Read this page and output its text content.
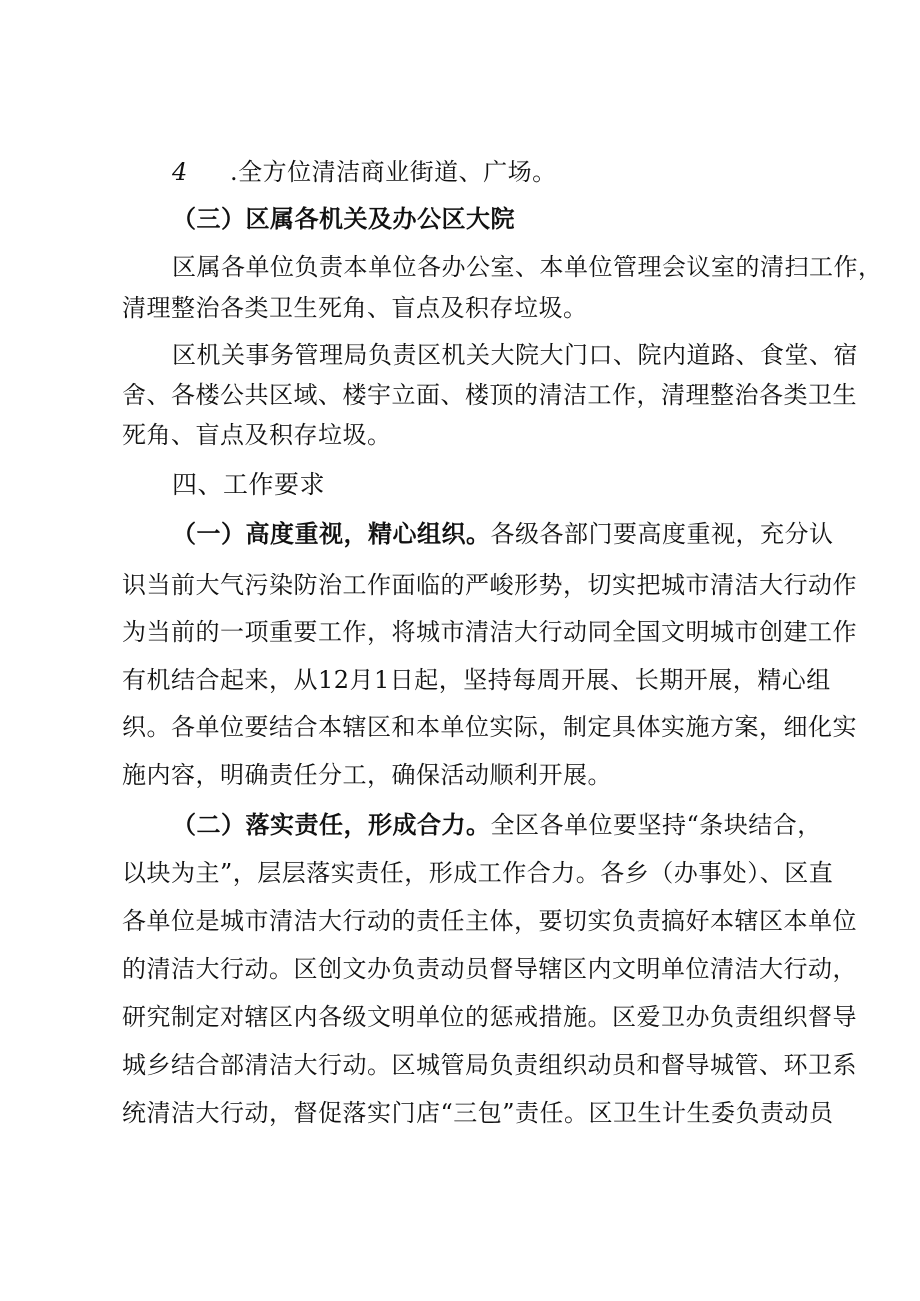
4 .全方位清洁商业街道、广场。
（三）区属各机关及办公区大院
区属各单位负责本单位各办公室、本单位管理会议室的清扫工作，
清理整治各类卫生死角、盲点及积存垃圾。
区机关事务管理局负责区机关大院大门口、院内道路、食堂、宿
舍、各楼公共区域、楼宇立面、楼顶的清洁工作，清理整治各类卫生
死角、盲点及积存垃圾。
四、工作要求
（一）高度重视，精心组织。各级各部门要高度重视，充分认
识当前大气污染防治工作面临的严峻形势，切实把城市清洁大行动作
为当前的一项重要工作，将城市清洁大行动同全国文明城市创建工作
有机结合起来，从12月1日起，坚持每周开展、长期开展，精心组
织。各单位要结合本辖区和本单位实际，制定具体实施方案，细化实
施内容，明确责任分工，确保活动顺利开展。
（二）落实责任，形成合力。全区各单位要坚持“条块结合，
以块为主”，层层落实责任，形成工作合力。各乡（办事处）、区直
各单位是城市清洁大行动的责任主体，要切实负责搞好本辖区本单位
的清洁大行动。区创文办负责动员督导辖区内文明单位清洁大行动，
研究制定对辖区内各级文明单位的惩戒措施。区爱卫办负责组织督导
城乡结合部清洁大行动。区城管局负责组织动员和督导城管、环卫系
统清洁大行动，督促落实门店“三包”责任。区卫生计生委负责动员
